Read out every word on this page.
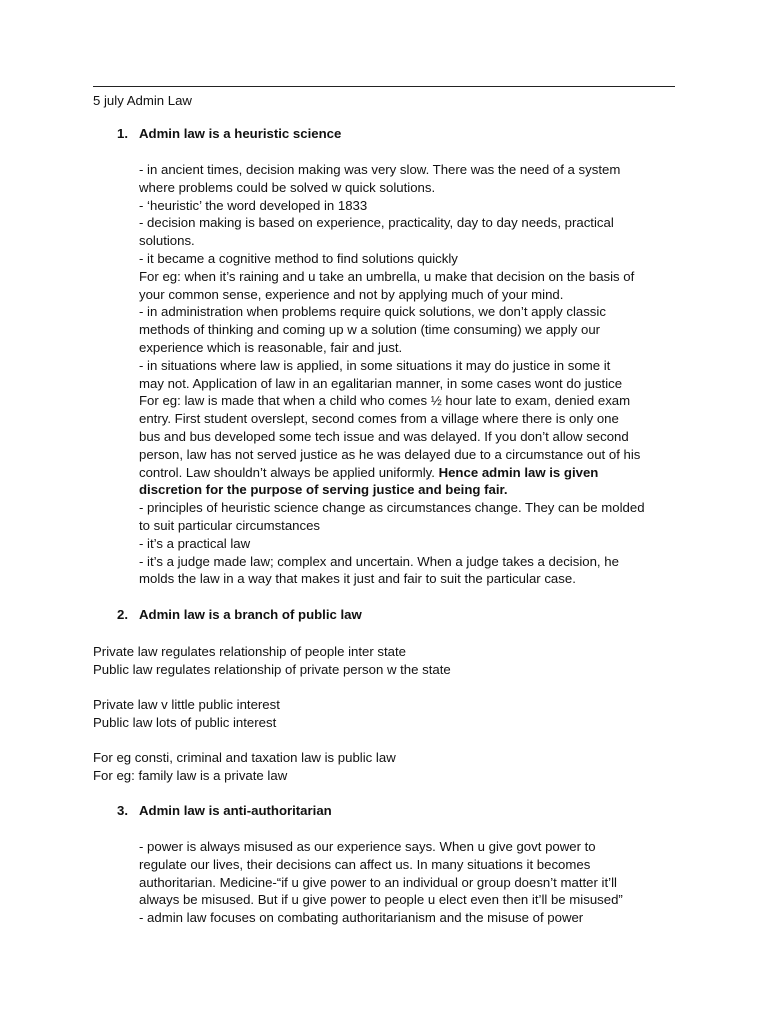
5 july Admin Law
1. Admin law is a heuristic science
- in ancient times, decision making was very slow. There was the need of a system
where problems could be solved w quick solutions.
- ‘heuristic’ the word developed in 1833
- decision making is based on experience, practicality, day to day needs, practical
solutions.
- it became a cognitive method to find solutions quickly
For eg: when it’s raining and u take an umbrella, u make that decision on the basis of
your common sense, experience and not by applying much of your mind.
- in administration when problems require quick solutions, we don’t apply classic
methods of thinking and coming up w a solution (time consuming) we apply our
experience which is reasonable, fair and just.
- in situations where law is applied, in some situations it may do justice in some it
may not. Application of law in an egalitarian manner, in some cases wont do justice
For eg: law is made that when a child who comes ½ hour late to exam, denied exam
entry. First student overslept, second comes from a village where there is only one
bus and bus developed some tech issue and was delayed. If you don’t allow second
person, law has not served justice as he was delayed due to a circumstance out of his
control. Law shouldn’t always be applied uniformly. Hence admin law is given
discretion for the purpose of serving justice and being fair.
- principles of heuristic science change as circumstances change. They can be molded
to suit particular circumstances
- it’s a practical law
- it’s a judge made law; complex and uncertain. When a judge takes a decision, he
molds the law in a way that makes it just and fair to suit the particular case.
2. Admin law is a branch of public law
Private law regulates relationship of people inter state
Public law regulates relationship of private person w the state
Private law v little public interest
Public law lots of public interest
For eg consti, criminal and taxation law is public law
For eg: family law is a private law
3. Admin law is anti-authoritarian
- power is always misused as our experience says. When u give govt power to
regulate our lives, their decisions can affect us. In many situations it becomes
authoritarian. Medicine-“if u give power to an individual or group doesn’t matter it’ll
always be misused. But if u give power to people u elect even then it’ll be misused”
- admin law focuses on combating authoritarianism and the misuse of power
